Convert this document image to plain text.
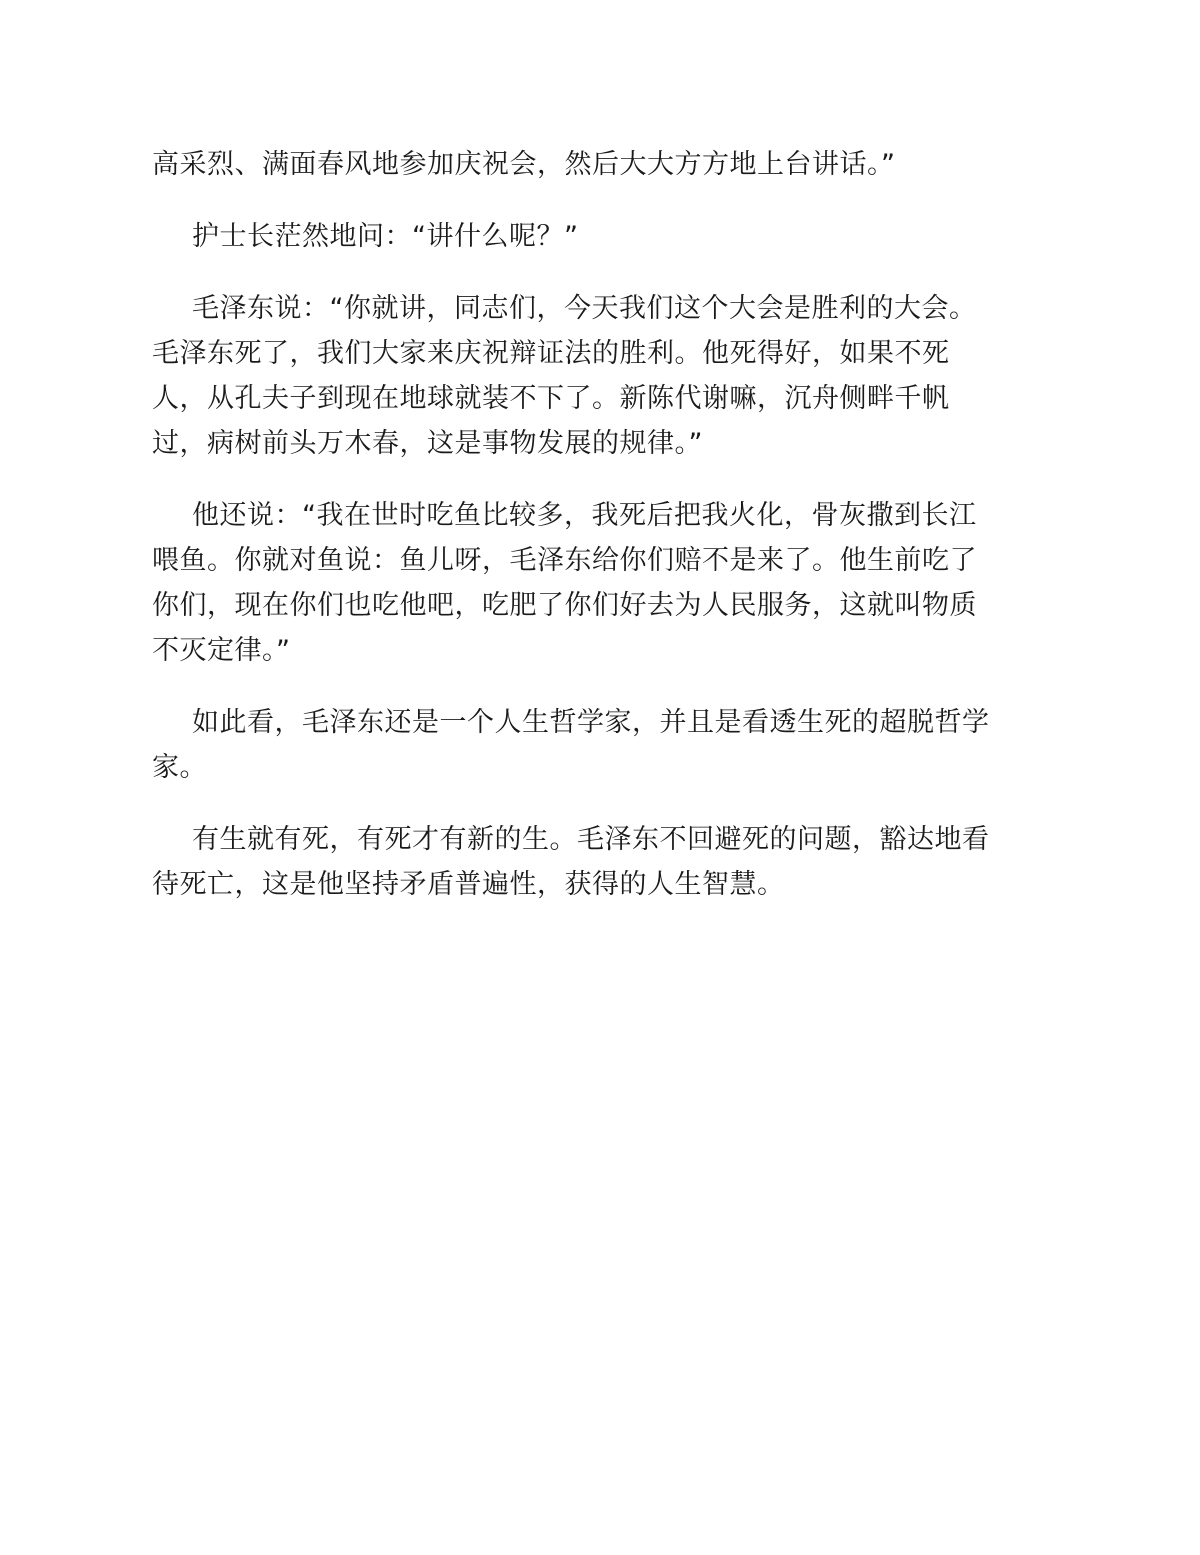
高采烈、满面春风地参加庆祝会，然后大大方方地上台讲话。”

护士长茫然地问：“讲什么呢？”

毛泽东说：“你就讲，同志们，今天我们这个大会是胜利的大会。
毛泽东死了，我们大家来庆祝辩证法的胜利。他死得好，如果不死
人，从孔夫子到现在地球就装不下了。新陈代谢嘛，沉舟侧畔千帆
过，病树前头万木春，这是事物发展的规律。”

他还说：“我在世时吃鱼比较多，我死后把我火化，骨灰撒到长江
喂鱼。你就对鱼说：鱼儿呀，毛泽东给你们赔不是来了。他生前吃了
你们，现在你们也吃他吧，吃肥了你们好去为人民服务，这就叫物质
不灭定律。”

如此看，毛泽东还是一个人生哲学家，并且是看透生死的超脱哲学
家。

有生就有死，有死才有新的生。毛泽东不回避死的问题，豁达地看
待死亡，这是他坚持矛盾普遍性，获得的人生智慧。
